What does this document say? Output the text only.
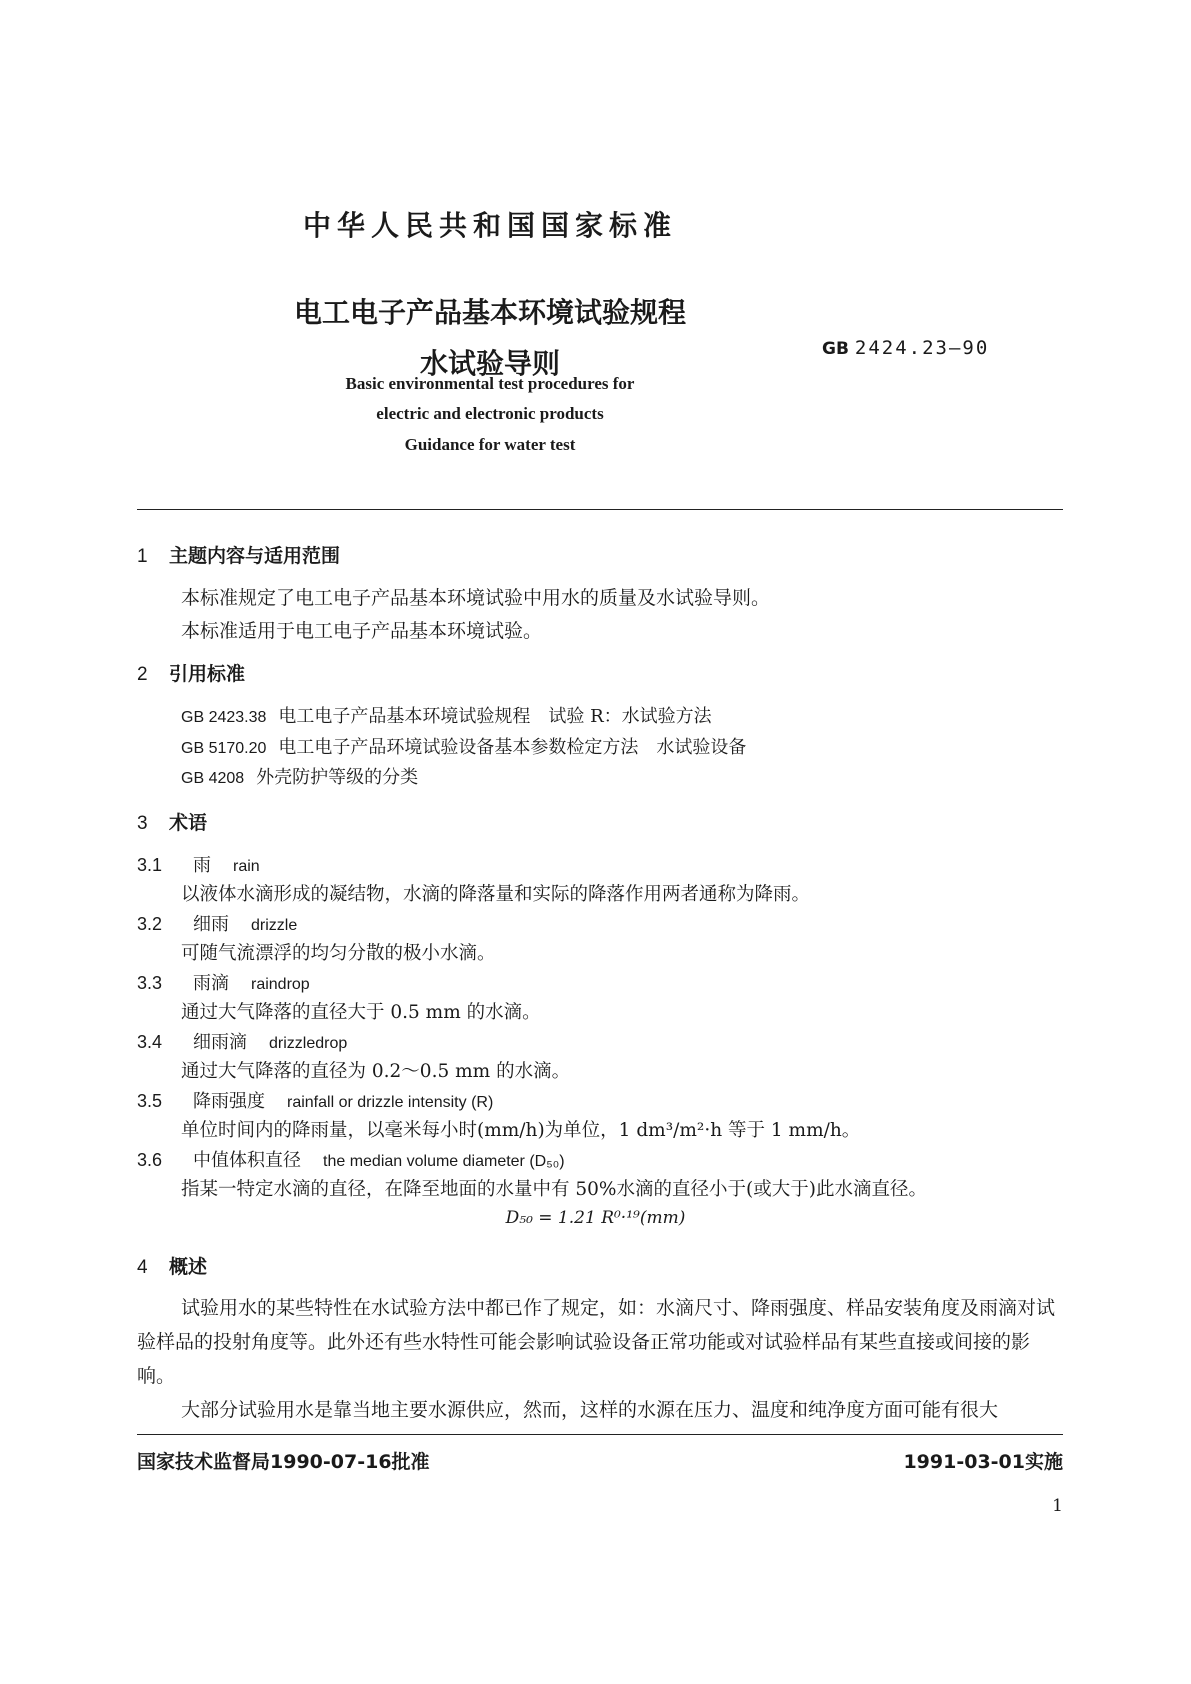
中华人民共和国国家标准
电工电子产品基本环境试验规程
水试验导则	GB 2424.23—90
Basic environmental test procedures for
electric and electronic products
Guidance for water test
1 主题内容与适用范围
本标准规定了电工电子产品基本环境试验中用水的质量及水试验导则。
本标准适用于电工电子产品基本环境试验。
2 引用标准
GB 2423.38 电工电子产品基本环境试验规程　试验 R：水试验方法
GB 5170.20 电工电子产品环境试验设备基本参数检定方法　水试验设备
GB 4208 外壳防护等级的分类
3 术语
3.1 雨 rain
以液体水滴形成的凝结物，水滴的降落量和实际的降落作用两者通称为降雨。
3.2 细雨 drizzle
可随气流漂浮的均匀分散的极小水滴。
3.3 雨滴 raindrop
通过大气降落的直径大于 0.5 mm 的水滴。
3.4 细雨滴 drizzledrop
通过大气降落的直径为 0.2～0.5 mm 的水滴。
3.5 降雨强度 rainfall or drizzle intensity (R)
单位时间内的降雨量，以毫米每小时(mm/h)为单位，1 dm³/m²·h 等于 1 mm/h。
3.6 中值体积直径 the median volume diameter (D₅₀)
指某一特定水滴的直径，在降至地面的水量中有 50%水滴的直径小于(或大于)此水滴直径。
D₅₀ = 1.21 R⁰·¹⁹(mm)
4 概述
试验用水的某些特性在水试验方法中都已作了规定，如：水滴尺寸、降雨强度、样品安装角度及雨滴对试验样品的投射角度等。此外还有些水特性可能会影响试验设备正常功能或对试验样品有某些直接或间接的影响。
大部分试验用水是靠当地主要水源供应，然而，这样的水源在压力、温度和纯净度方面可能有很大
国家技术监督局1990-07-16批准	1991-03-01实施
1
